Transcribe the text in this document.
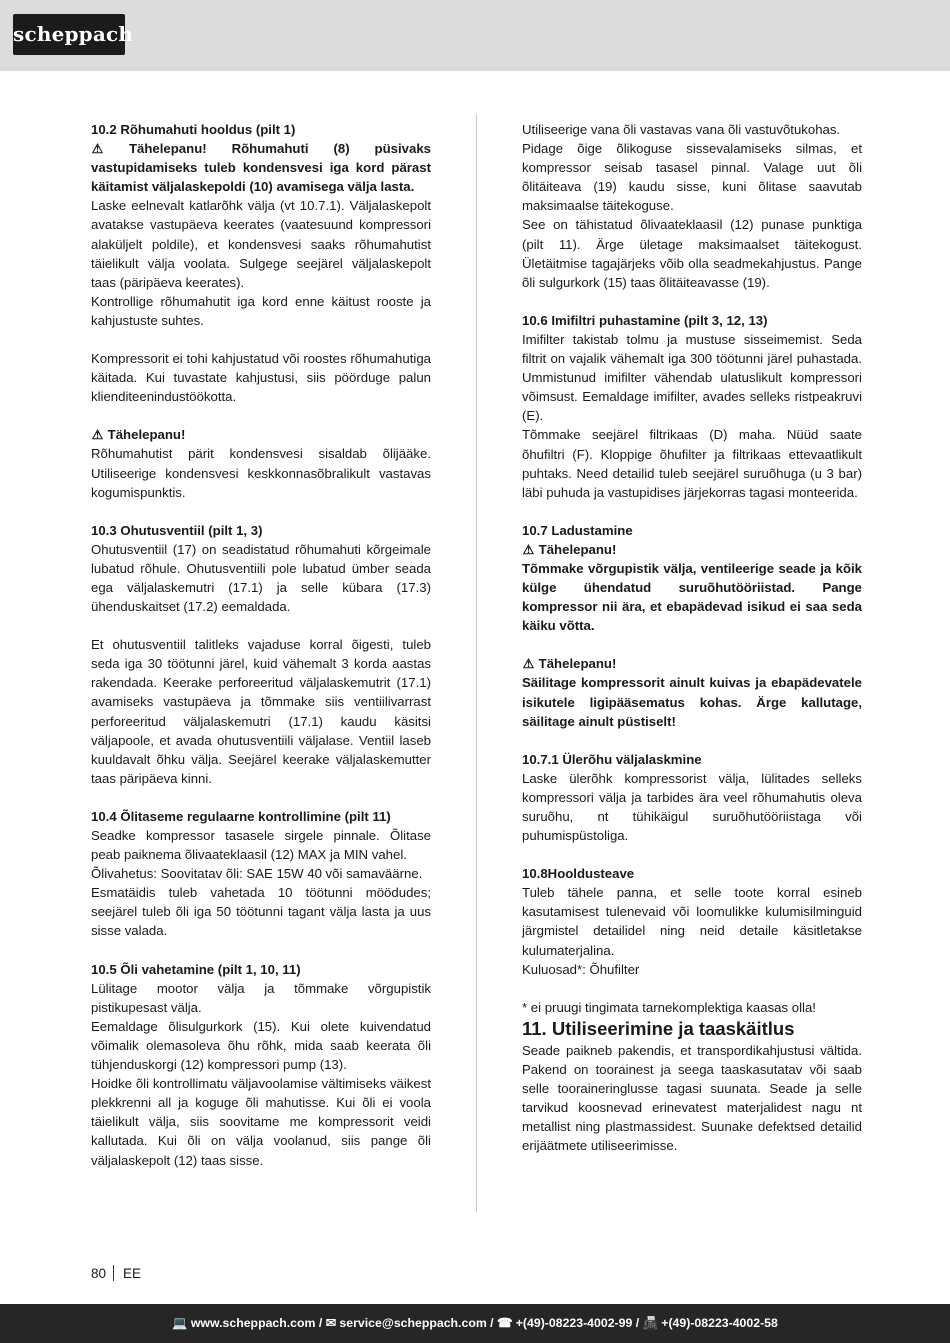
scheppach

10.2 Rõhumahuti hooldus (pilt 1)

⚠ Tähelepanu! Rõhumahuti (8) püsivaks vastupidamiseks tuleb kondensvesi iga kord pärast käitamist väljalaskepoldi (10) avamisega välja lasta.

Laske eelnevalt katlarõhk välja (vt 10.7.1). Väljalaskepolt avatakse vastupäeva keerates (vaatesuund kompressori alaküljelt poldile), et kondensvesi saaks rõhumahutist täielikult välja voolata. Sulgege seejärel väljalaskepolt taas (päripäeva keerates).

Kontrollige rõhumahutit iga kord enne käitust rooste ja kahjustuste suhtes.

Kompressorit ei tohi kahjustatud või roostes rõhumahutiga käitada. Kui tuvastate kahjustusi, siis pöörduge palun klienditeenindustöökotta.

⚠ Tähelepanu!

Rõhumahutist pärit kondensvesi sisaldab õlijääke. Utiliseerige kondensvesi keskkonnasõbralikult vastavas kogumispunktis.

10.3 Ohutusventiil (pilt 1, 3)

Ohutusventiil (17) on seadistatud rõhumahuti kõrgeimale lubatud rõhule. Ohutusventiili pole lubatud ümber seada ega väljalaskemutri (17.1) ja selle kübara (17.3) ühenduskaitset (17.2) eemaldada.

Et ohutusventiil talitleks vajaduse korral õigesti, tuleb seda iga 30 töötunni järel, kuid vähemalt 3 korda aastas rakendada. Keerake perforeeritud väljalaskemutrit (17.1) avamiseks vastupäeva ja tõmmake siis ventiilivarrast perforeeritud väljalaskemutri (17.1) kaudu käsitsi väljapoole, et avada ohutusventiili väljalase. Ventiil laseb kuuldavalt õhku välja. Seejärel keerake väljalaskemutter taas päripäeva kinni.

10.4 Õlitaseme regulaarne kontrollimine (pilt 11)

Seadke kompressor tasasele sirgele pinnale. Õlitase peab paiknema õlivaateklaasil (12) MAX ja MIN vahel.

Õlivahetus: Soovitatav õli: SAE 15W 40 või samaväärne.

Esmatäidis tuleb vahetada 10 töötunni möödudes; seejärel tuleb õli iga 50 töötunni tagant välja lasta ja uus sisse valada.

10.5 Õli vahetamine (pilt 1, 10, 11)

Lülitage mootor välja ja tõmmake võrgupistik pistikupesast välja.

Eemaldage õlisulgurkork (15). Kui olete kuivendatud võimalik olemasoleva õhu rõhk, mida saab keerata õli tühjenduskorgi (12) kompressori pump (13).

Hoidke õli kontrollimatu väljavoolamise vältimiseks väikest plekkrenni all ja koguge õli mahutisse. Kui õli ei voola täielikult välja, siis soovitame me kompressorit veidi kallutada. Kui õli on välja voolanud, siis pange õli väljalaskepolt (12) taas sisse.

Utiliseerige vana õli vastavas vana õli vastuvõtukohas.

Pidage õige õlikoguse sissevalamiseks silmas, et kompressor seisab tasasel pinnal. Valage uut õli õlitäiteava (19) kaudu sisse, kuni õlitase saavutab maksimaalse täitekoguse.

See on tähistatud õlivaateklaasil (12) punase punktiga (pilt 11). Ärge ületage maksimaalset täitekogust. Ületäitmise tagajärjeks võib olla seadmekahjustus. Pange õli sulgurkork (15) taas õlitäiteavasse (19).

10.6 Imifiltri puhastamine (pilt 3, 12, 13)

Imifilter takistab tolmu ja mustuse sisseimemist. Seda filtrit on vajalik vähemalt iga 300 töötunni järel puhastada. Ummistunud imifilter vähendab ulatuslikult kompressori võimsust. Eemaldage imifilter, avades selleks ristpeakruvi (E).

Tõmmake seejärel filtrikaas (D) maha. Nüüd saate õhufiltri (F). Kloppige õhufilter ja filtrikaas ettevaatlikult puhtaks. Need detailid tuleb seejärel suruõhuga (u 3 bar) läbi puhuda ja vastupidises järjekorras tagasi monteerida.

10.7 Ladustamine

⚠ Tähelepanu!

Tõmmake võrgupistik välja, ventileerige seade ja kõik külge ühendatud suruõhutööriistad. Pange kompressor nii ära, et ebapädevad isikud ei saa seda käiku võtta.

⚠ Tähelepanu!

Säilitage kompressorit ainult kuivas ja ebapädevatele isikutele ligipääsematus kohas. Ärge kallutage, säilitage ainult püstiselt!

10.7.1 Ülerõhu väljalaskmine

Laske ülerõhk kompressorist välja, lülitades selleks kompressori välja ja tarbides ära veel rõhumahutis oleva suruõhu, nt tühikäigul suruõhutööriistaga või puhumispüstoliga.

10.8Hooldusteave

Tuleb tähele panna, et selle toote korral esineb kasutamisest tulenevaid või loomulikke kulumisilminguid järgmistel detailidel ning neid detaile käsitletakse kulumaterjalina.

Kuluosad*: Õhufilter

* ei pruugi tingimata tarnekomplektiga kaasas olla!

11. Utiliseerimine ja taaskäitlus

Seade paikneb pakendis, et transpordikahjustusi vältida. Pakend on toorainest ja seega taaskasutatav või saab selle tooraineringlusse tagasi suunata. Seade ja selle tarvikud koosnevad erinevatest materjalidest nagu nt metallist ning plastmassidest. Suunake defektsed detailid erijäätmete utiliseerimisse.

80 EE
💻 www.scheppach.com / ✉ service@scheppach.com / ☎ +(49)-08223-4002-99 / 📠 +(49)-08223-4002-58
